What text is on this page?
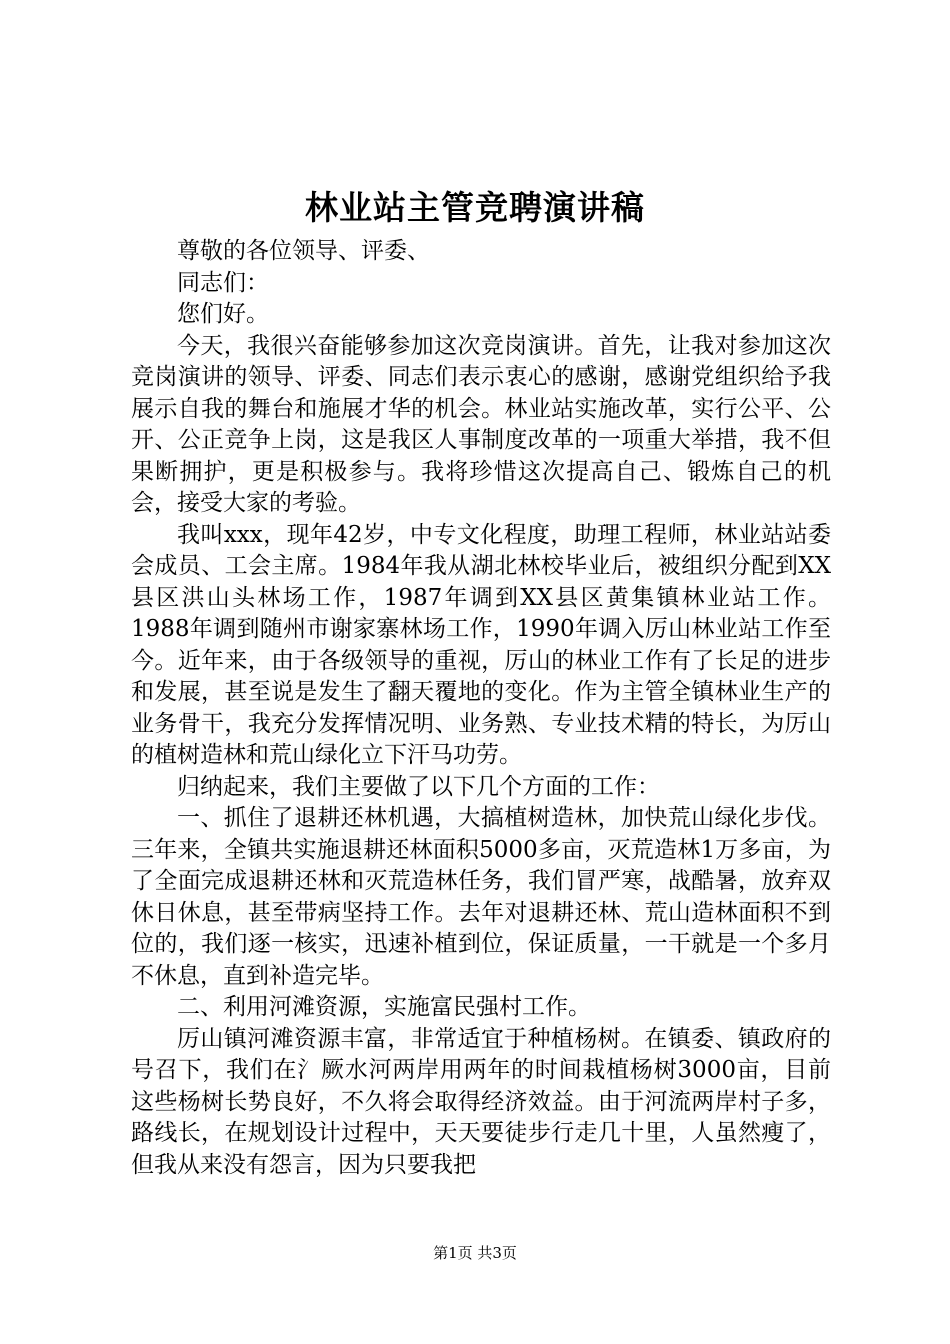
林业站主管竞聘演讲稿

尊敬的各位领导、评委、

同志们：

您们好。

今天，我很兴奋能够参加这次竞岗演讲。首先，让我对参加这次竞岗演讲的领导、评委、同志们表示衷心的感谢，感谢党组织给予我展示自我的舞台和施展才华的机会。林业站实施改革，实行公平、公开、公正竞争上岗，这是我区人事制度改革的一项重大举措，我不但果断拥护，更是积极参与。我将珍惜这次提高自己、锻炼自己的机会，接受大家的考验。

我叫xxx，现年42岁，中专文化程度，助理工程师，林业站站委会成员、工会主席。1984年我从湖北林校毕业后，被组织分配到XX县区洪山头林场工作，1987年调到XX县区黄集镇林业站工作。1988年调到随州市谢家寨林场工作，1990年调入厉山林业站工作至今。近年来，由于各级领导的重视，厉山的林业工作有了长足的进步和发展，甚至说是发生了翻天覆地的变化。作为主管全镇林业生产的业务骨干，我充分发挥情况明、业务熟、专业技术精的特长，为厉山的植树造林和荒山绿化立下汗马功劳。

归纳起来，我们主要做了以下几个方面的工作：

一、抓住了退耕还林机遇，大搞植树造林，加快荒山绿化步伐。三年来，全镇共实施退耕还林面积5000多亩，灭荒造林1万多亩，为了全面完成退耕还林和灭荒造林任务，我们冒严寒，战酷暑，放弃双休日休息，甚至带病坚持工作。去年对退耕还林、荒山造林面积不到位的，我们逐一核实，迅速补植到位，保证质量，一干就是一个多月不休息，直到补造完毕。

二、利用河滩资源，实施富民强村工作。

厉山镇河滩资源丰富，非常适宜于种植杨树。在镇委、镇政府的号召下，我们在氵厥水河两岸用两年的时间栽植杨树3000亩，目前这些杨树长势良好，不久将会取得经济效益。由于河流两岸村子多，路线长，在规划设计过程中，天天要徒步行走几十里，人虽然瘦了，但我从来没有怨言，因为只要我把

第1页 共3页
